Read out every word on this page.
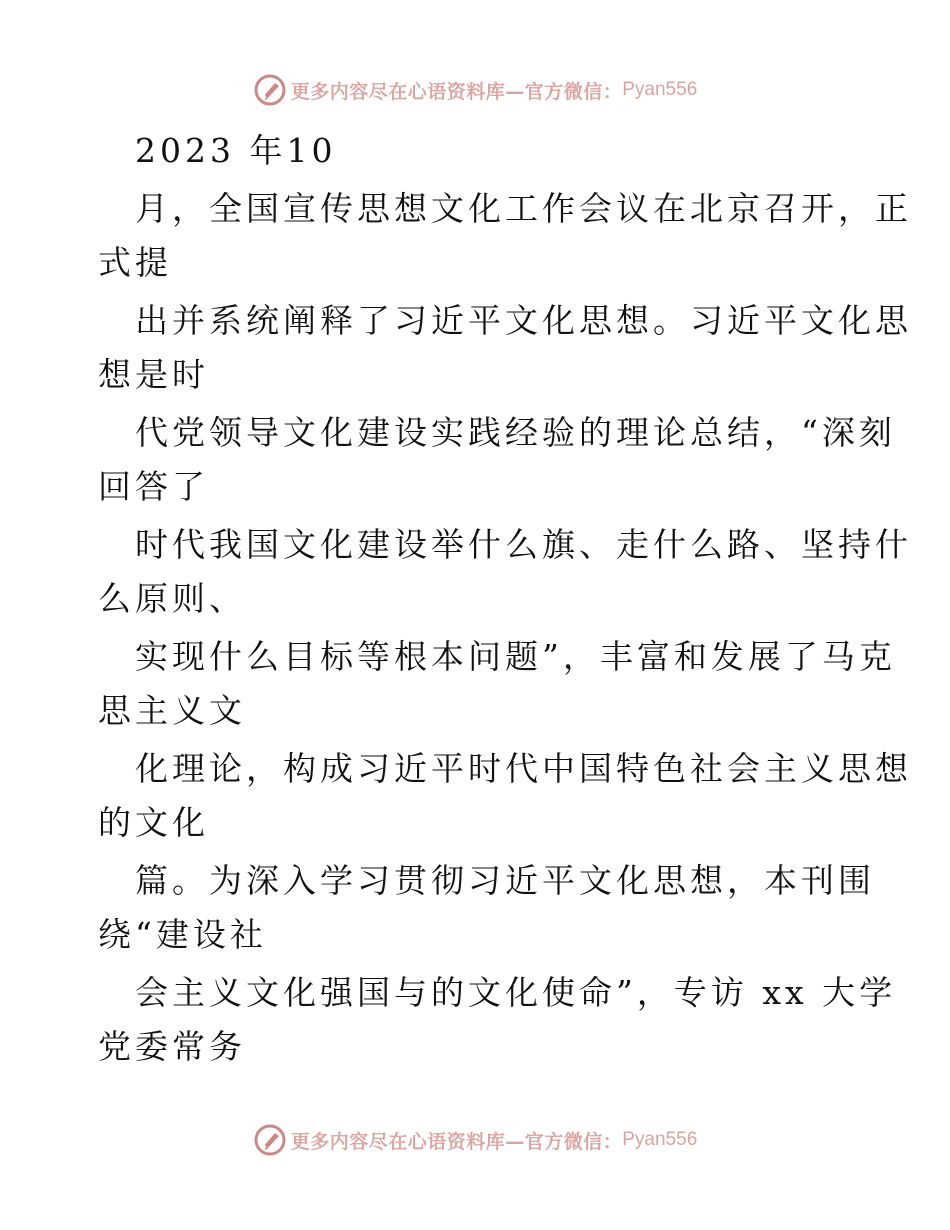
更多内容尽在心语资料库—官方微信： Pyan556
2023 年10
月，全国宣传思想文化工作会议在北京召开，正
式提
出并系统阐释了习近平文化思想。习近平文化思
想是时
代党领导文化建设实践经验的理论总结，“深刻
回答了
时代我国文化建设举什么旗、走什么路、坚持什
么原则、
实现什么目标等根本问题”，丰富和发展了马克
思主义文
化理论，构成习近平时代中国特色社会主义思想
的文化
篇。为深入学习贯彻习近平文化思想，本刊围
绕“建设社
会主义文化强国与的文化使命”，专访 xx 大学
党委常务
更多内容尽在心语资料库—官方微信： Pyan556
